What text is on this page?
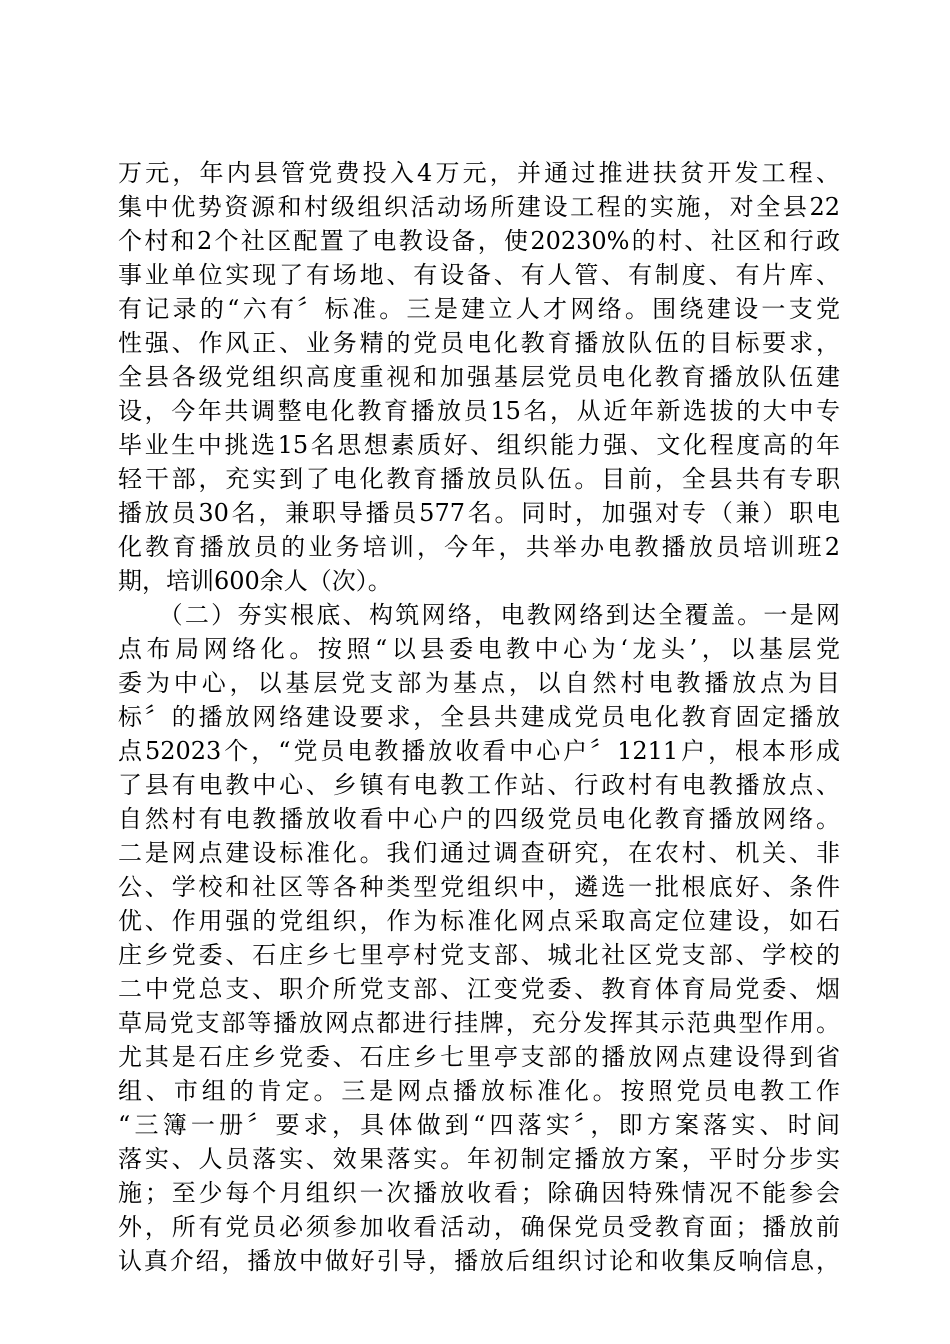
万元，年内县管党费投入4万元，并通过推进扶贫开发工程、
集中优势资源和村级组织活动场所建设工程的实施，对全县22
个村和2个社区配置了电教设备，使20230%的村、社区和行政
事业单位实现了有场地、有设备、有人管、有制度、有片库、
有记录的“六有〞标准。三是建立人才网络。围绕建设一支党
性强、作风正、业务精的党员电化教育播放队伍的目标要求，
全县各级党组织高度重视和加强基层党员电化教育播放队伍建
设，今年共调整电化教育播放员15名，从近年新选拔的大中专
毕业生中挑选15名思想素质好、组织能力强、文化程度高的年
轻干部，充实到了电化教育播放员队伍。目前，全县共有专职
播放员30名，兼职导播员577名。同时，加强对专（兼）职电
化教育播放员的业务培训，今年，共举办电教播放员培训班2
期，培训600余人（次）。
　　（二）夯实根底、构筑网络，电教网络到达全覆盖。一是网
点布局网络化。按照“以县委电教中心为‘龙头’，以基层党
委为中心，以基层党支部为基点，以自然村电教播放点为目
标〞的播放网络建设要求，全县共建成党员电化教育固定播放
点52023个，“党员电教播放收看中心户〞1211户，根本形成
了县有电教中心、乡镇有电教工作站、行政村有电教播放点、
自然村有电教播放收看中心户的四级党员电化教育播放网络。
二是网点建设标准化。我们通过调查研究，在农村、机关、非
公、学校和社区等各种类型党组织中，遴选一批根底好、条件
优、作用强的党组织，作为标准化网点采取高定位建设，如石
庄乡党委、石庄乡七里亭村党支部、城北社区党支部、学校的
二中党总支、职介所党支部、江变党委、教育体育局党委、烟
草局党支部等播放网点都进行挂牌，充分发挥其示范典型作用。
尤其是石庄乡党委、石庄乡七里亭支部的播放网点建设得到省
组、市组的肯定。三是网点播放标准化。按照党员电教工作
“三簿一册〞要求，具体做到“四落实〞，即方案落实、时间
落实、人员落实、效果落实。年初制定播放方案，平时分步实
施；至少每个月组织一次播放收看；除确因特殊情况不能参会
外，所有党员必须参加收看活动，确保党员受教育面；播放前
认真介绍，播放中做好引导，播放后组织讨论和收集反响信息，
